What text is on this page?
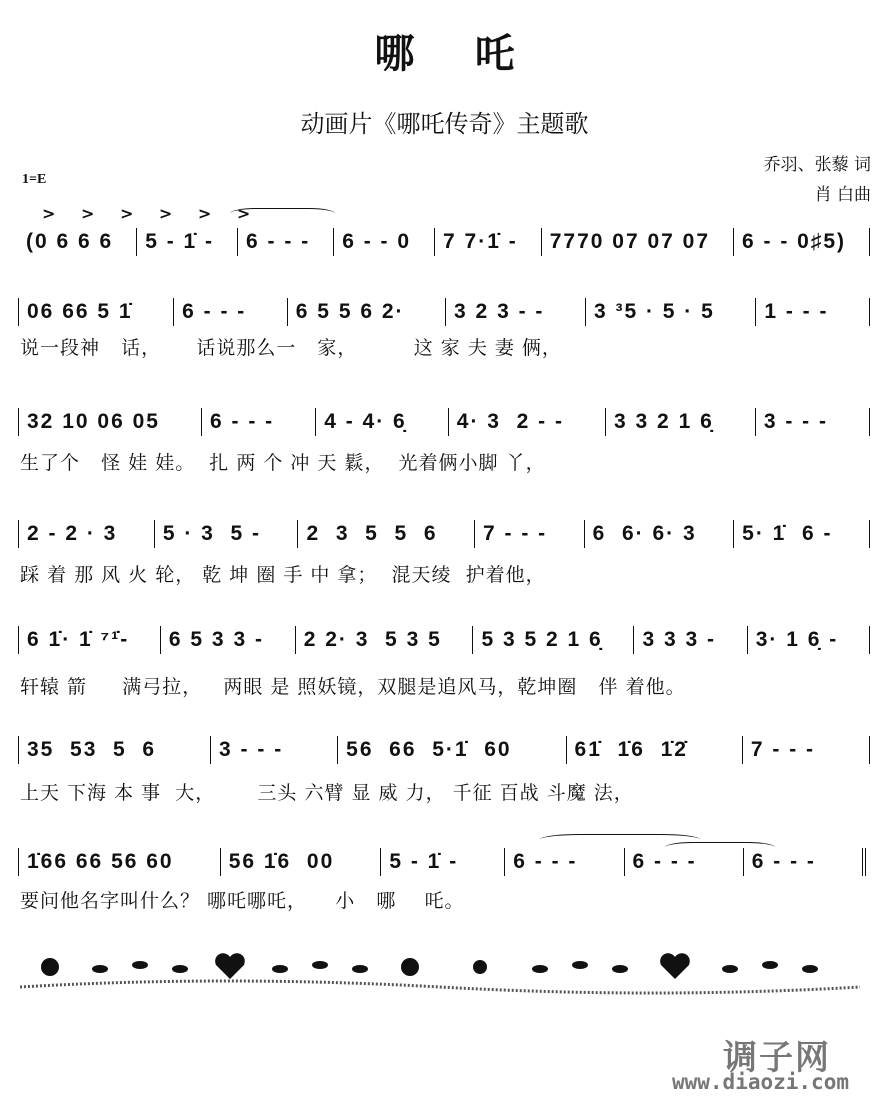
哪吒
动画片《哪吒传奇》主题歌
乔羽、张藜 词
肖 白曲
1=E
> > > > > >
(0 6 6 6	5 - 1̇ -	6 - - -	6 - - 0	7 7·1̇ -	7770 07 07 07	6 - - 0♯5)
06 66 5 1̇	6 - - -	6 5 5 6 2·	3 2 3 - -	3 ³5 · 5 · 5	1 - - -
说一段神   话，     话说那么一   家，        这 家 夫 妻 俩，
32 10 06 05	6 - - -	4 - 4· 6̣	4· 3  2 - -	3 3 2 1 6̣	3 - - -
生了个   怪 娃 娃。  扎 两 个 冲 天 鬏，  光着俩小脚 丫，
2 - 2 · 3	5 · 3  5 -	2  3  5  5  6	7 - - -	6  6· 6· 3	5· 1̇  6 -
踩 着 那 风 火 轮， 乾 坤 圈 手 中 拿；  混天绫  护着他，
6 1̇· 1̇ ⁷¹̇-	6 5 3 3 -	2 2· 3  5 3 5	5 3 5 2 1 6̣	3 3 3 -	3· 1 6̣ -
轩辕 箭     满弓拉，   两眼 是 照妖镜，双腿是追风马，乾坤圈   伴 着他。
35  53  5  6	3 - - -	56  66  5·1̇  60	61̇  1̇6  1̇2̇	7 - - -
上天 下海 本 事  大，      三头 六臂 显 威 力， 千征 百战 斗魔 法，
1̇66 66 56 60	56 1̇6  00	5 - 1̇ -	6 - - -	6 - - -	6 - - -
要问他名字叫什么？ 哪吒哪吒，    小   哪    吒。
调子网
www.diaozi.com
